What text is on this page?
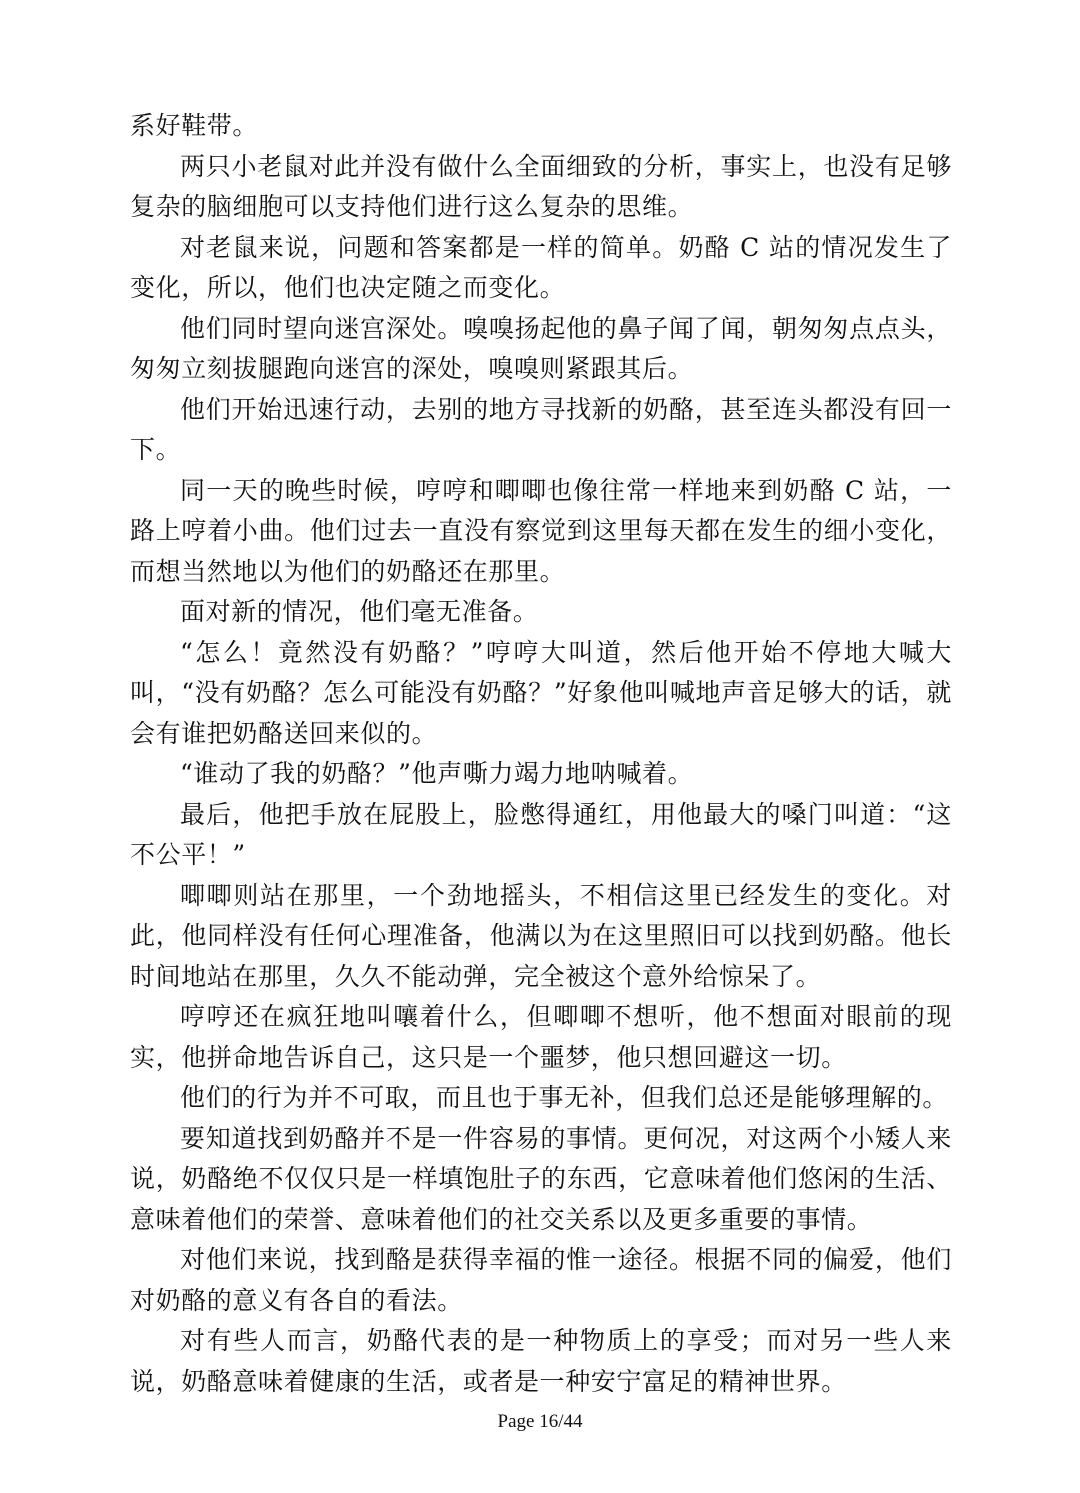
系好鞋带。

两只小老鼠对此并没有做什么全面细致的分析，事实上，也没有足够复杂的脑细胞可以支持他们进行这么复杂的思维。

对老鼠来说，问题和答案都是一样的简单。奶酪 C 站的情况发生了变化，所以，他们也决定随之而变化。

他们同时望向迷宫深处。嗅嗅扬起他的鼻子闻了闻，朝匆匆点点头，匆匆立刻拔腿跑向迷宫的深处，嗅嗅则紧跟其后。

他们开始迅速行动，去别的地方寻找新的奶酪，甚至连头都没有回一下。

同一天的晚些时候，哼哼和唧唧也像往常一样地来到奶酪 C 站，一路上哼着小曲。他们过去一直没有察觉到这里每天都在发生的细小变化，而想当然地以为他们的奶酪还在那里。

面对新的情况，他们毫无准备。

“怎么！竟然没有奶酪？”哼哼大叫道，然后他开始不停地大喊大叫，“没有奶酪？怎么可能没有奶酪？”好象他叫喊地声音足够大的话，就会有谁把奶酪送回来似的。

“谁动了我的奶酪？”他声嘶力竭力地呐喊着。

最后，他把手放在屁股上，脸憋得通红，用他最大的嗓门叫道：“这不公平！”

唧唧则站在那里，一个劲地摇头，不相信这里已经发生的变化。对此，他同样没有任何心理准备，他满以为在这里照旧可以找到奶酪。他长时间地站在那里，久久不能动弹，完全被这个意外给惊呆了。

哼哼还在疯狂地叫嚷着什么，但唧唧不想听，他不想面对眼前的现实，他拼命地告诉自己，这只是一个噩梦，他只想回避这一切。

他们的行为并不可取，而且也于事无补，但我们总还是能够理解的。

要知道找到奶酪并不是一件容易的事情。更何况，对这两个小矮人来说，奶酪绝不仅仅只是一样填饱肚子的东西，它意味着他们悠闲的生活、意味着他们的荣誉、意味着他们的社交关系以及更多重要的事情。

对他们来说，找到酪是获得幸福的惟一途径。根据不同的偏爱，他们对奶酪的意义有各自的看法。

对有些人而言，奶酪代表的是一种物质上的享受；而对另一些人来说，奶酪意味着健康的生活，或者是一种安宁富足的精神世界。

Page 16/44
